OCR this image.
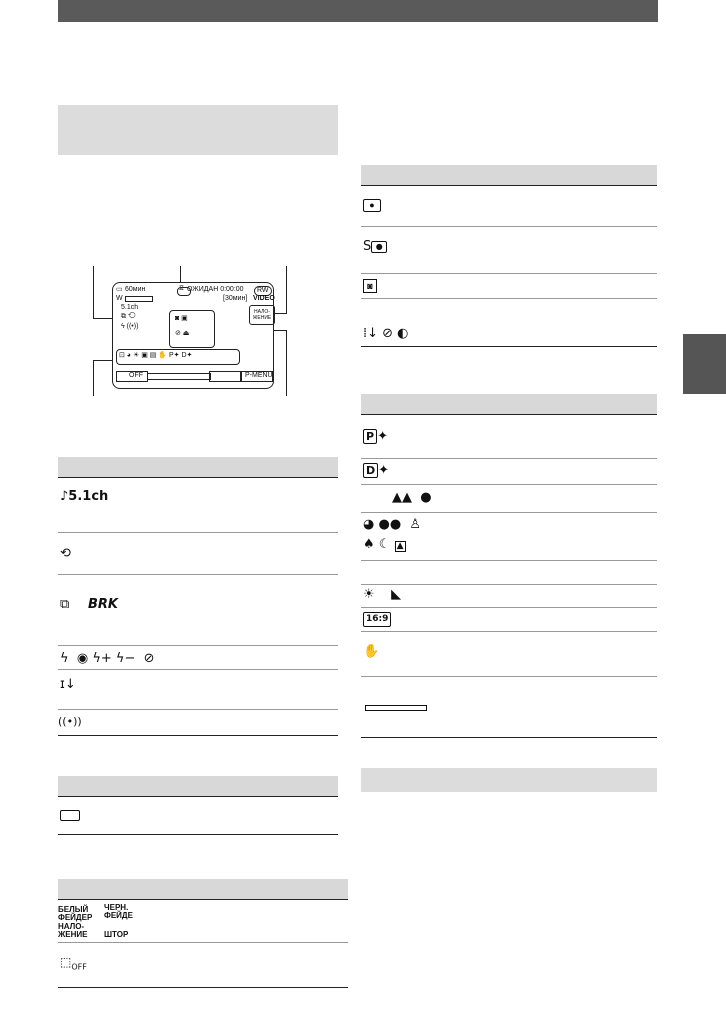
▭ 60мин	⧖ ОЖИДАН 0:00:00	RW
W	[30мин] VIDEO
5.1ch
⧉ ⟲
ϟ ((•))
◙ ▣
⊘ ⏏
НАЛО-
ЖЕНИЕ
⊡ ◕ ☀ ▣ ▤ ✋ P✦ D✦
OFF	P-MENU
♪5.1ch
⟲
⧉ BRK
ϟ  ◉ ϟ+ ϟ−  ⊘
ɪ↓
((•))
БЕЛЫЙ ЧЕРН.
ФЕЙДЕР ФЕЙДЕ
НАЛО-
ЖЕНИЕ ШТОР
$⬚_{OFF}$
●
S ●
◙
⁞↓ ⊘ ◐
P ✦
D ✦
▲▲  ●
◕ ●●  ♙
♠ ☾ ▲
☀    ◣
16:9
✋
